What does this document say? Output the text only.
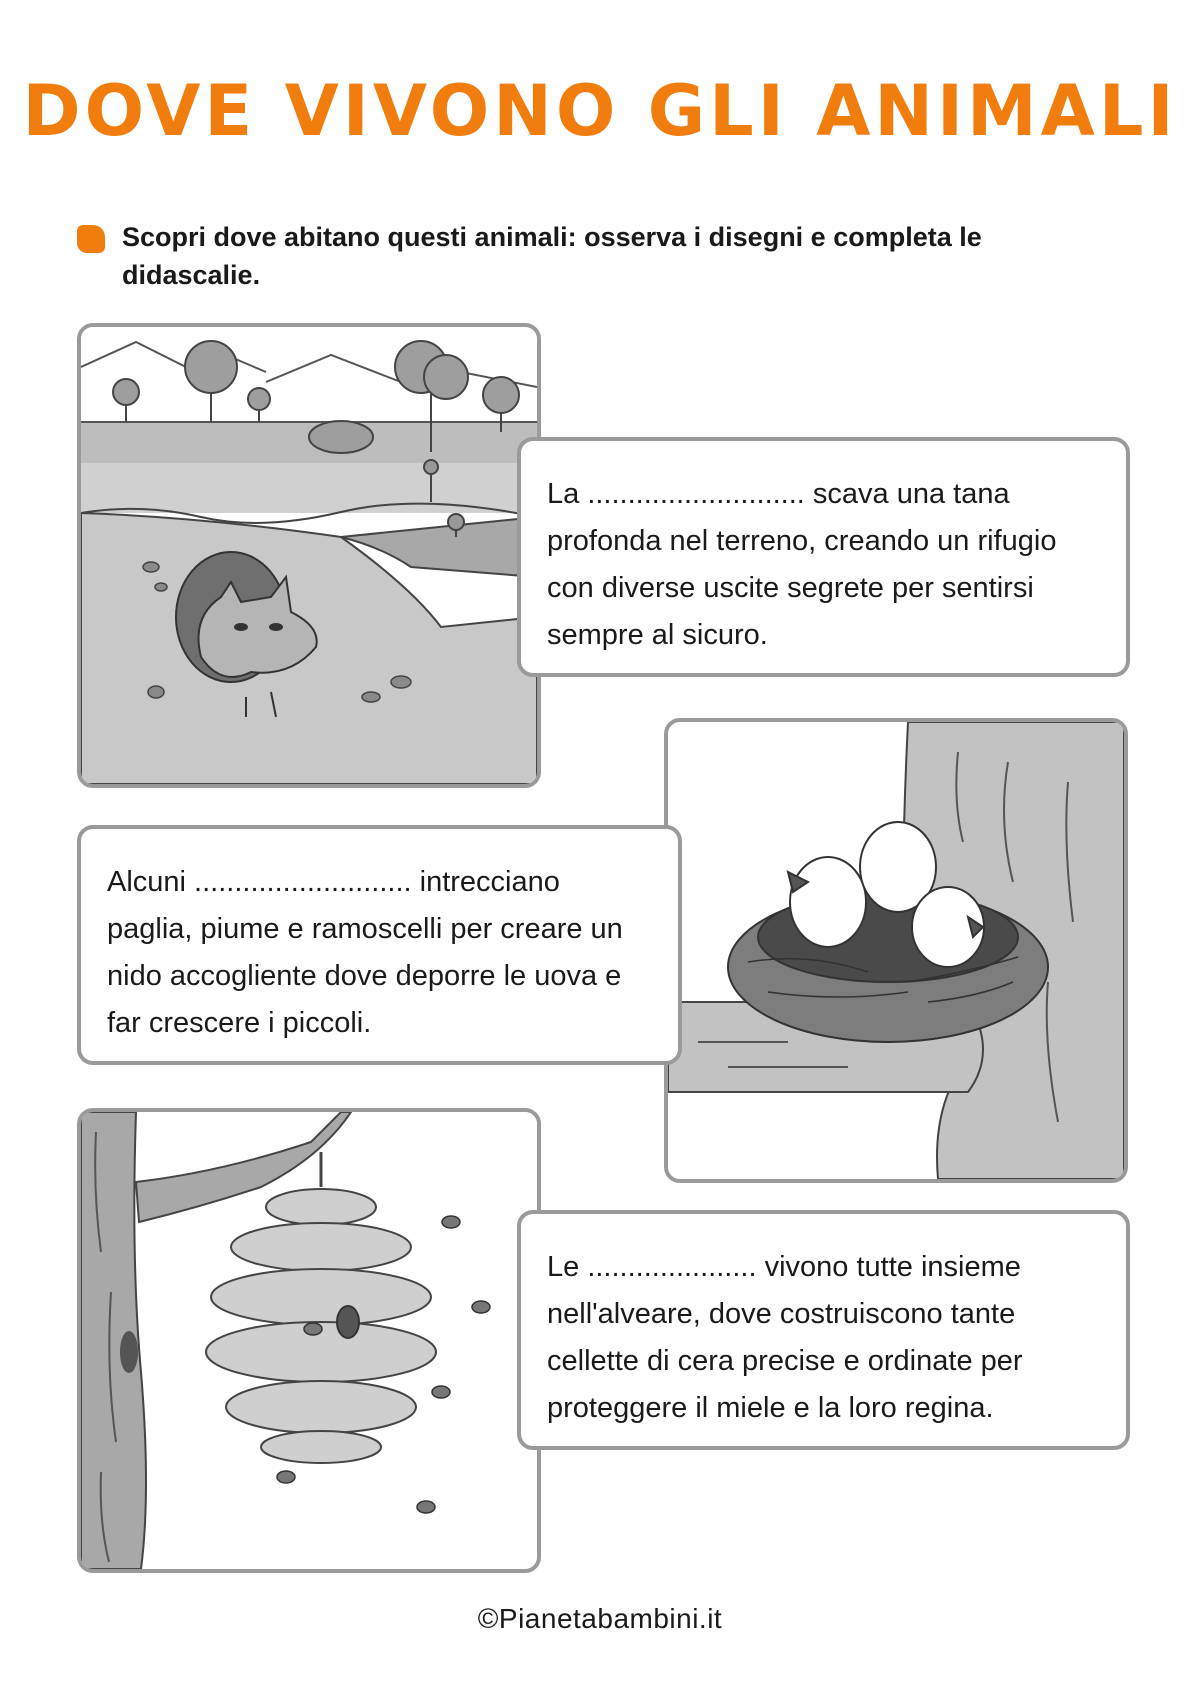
DOVE VIVONO GLI ANIMALI
Scopri dove abitano questi animali: osserva i disegni e completa le didascalie.
La ........................... scava una tana profonda nel terreno, creando un rifugio con diverse uscite segrete per sentirsi sempre al sicuro.
Alcuni ........................... intrecciano paglia, piume e ramoscelli per creare un nido accogliente dove deporre le uova e far crescere i piccoli.
Le ..................... vivono tutte insieme nell'alveare, dove costruiscono tante cellette di cera precise e ordinate per proteggere il miele e la loro regina.
©Pianetabambini.it
